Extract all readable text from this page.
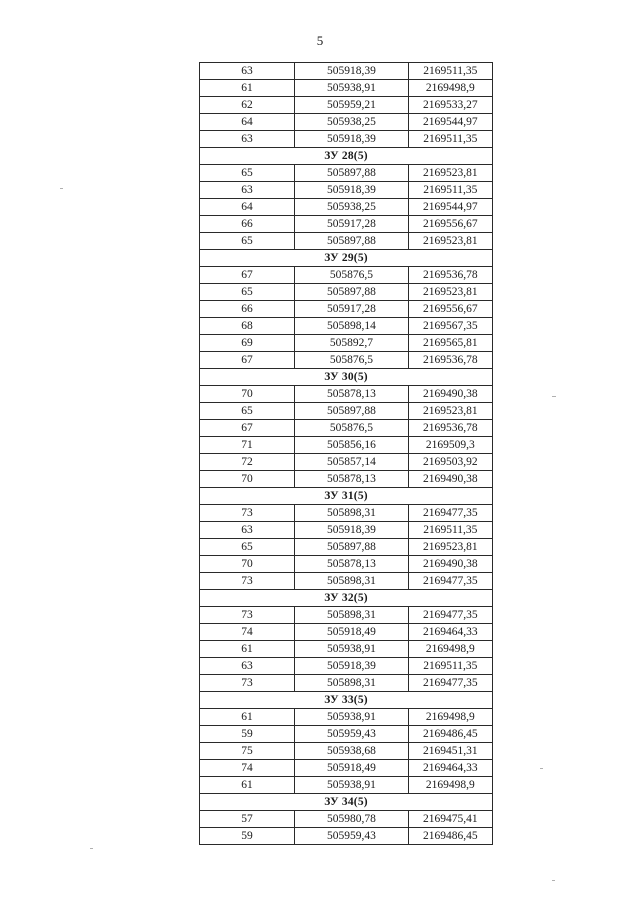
5
63	505918,39	2169511,35
61	505938,91	2169498,9
62	505959,21	2169533,27
64	505938,25	2169544,97
63	505918,39	2169511,35
ЗУ 28(5)		
65	505897,88	2169523,81
63	505918,39	2169511,35
64	505938,25	2169544,97
66	505917,28	2169556,67
65	505897,88	2169523,81
ЗУ 29(5)		
67	505876,5	2169536,78
65	505897,88	2169523,81
66	505917,28	2169556,67
68	505898,14	2169567,35
69	505892,7	2169565,81
67	505876,5	2169536,78
ЗУ 30(5)		
70	505878,13	2169490,38
65	505897,88	2169523,81
67	505876,5	2169536,78
71	505856,16	2169509,3
72	505857,14	2169503,92
70	505878,13	2169490,38
ЗУ 31(5)		
73	505898,31	2169477,35
63	505918,39	2169511,35
65	505897,88	2169523,81
70	505878,13	2169490,38
73	505898,31	2169477,35
ЗУ 32(5)		
73	505898,31	2169477,35
74	505918,49	2169464,33
61	505938,91	2169498,9
63	505918,39	2169511,35
73	505898,31	2169477,35
ЗУ 33(5)		
61	505938,91	2169498,9
59	505959,43	2169486,45
75	505938,68	2169451,31
74	505918,49	2169464,33
61	505938,91	2169498,9
ЗУ 34(5)		
57	505980,78	2169475,41
59	505959,43	2169486,45
